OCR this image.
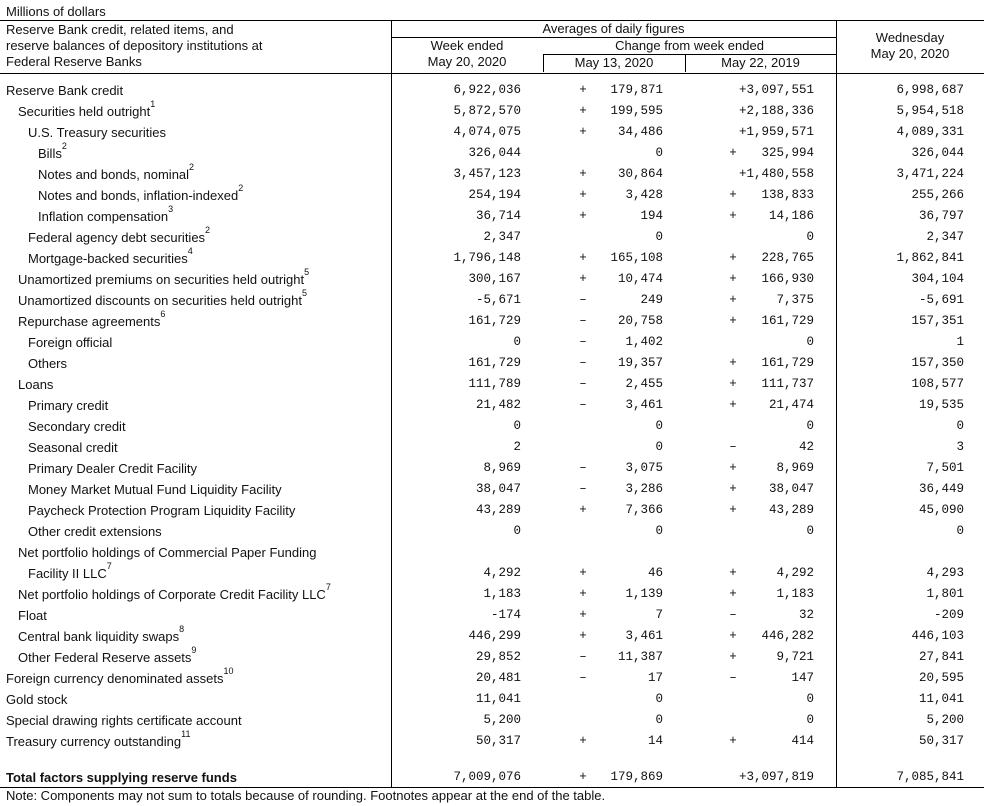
Millions of dollars
Reserve Bank credit, related items, and
reserve balances of depository institutions at
Federal Reserve Banks
Averages of daily figures
Week ended
May 20, 2020
Change from week ended
May 13, 2020	May 22, 2019
Wednesday
May 20, 2020
Reserve Bank credit	6,922,036	+	179,871	+3,097,551	6,998,687
Securities held outright$^1$	5,872,570	+	199,595	+2,188,336	5,954,518
U.S. Treasury securities	4,074,075	+	34,486	+1,959,571	4,089,331
Bills$^2$	326,044	0	+	325,994	326,044
Notes and bonds, nominal$^2$	3,457,123	+	30,864	+1,480,558	3,471,224
Notes and bonds, inflation-indexed$^2$	254,194	+	3,428	+	138,833	255,266
Inflation compensation$^3$	36,714	+	194	+	14,186	36,797
Federal agency debt securities$^2$	2,347	0	0	2,347
Mortgage-backed securities$^4$	1,796,148	+	165,108	+	228,765	1,862,841
Unamortized premiums on securities held outright$^5$	300,167	+	10,474	+	166,930	304,104
Unamortized discounts on securities held outright$^5$	-5,671	–	249	+	7,375	-5,691
Repurchase agreements$^6$	161,729	–	20,758	+	161,729	157,351
Foreign official	0	–	1,402	0	1
Others	161,729	–	19,357	+	161,729	157,350
Loans	111,789	–	2,455	+	111,737	108,577
Primary credit	21,482	–	3,461	+	21,474	19,535
Secondary credit	0	0	0	0
Seasonal credit	2	0	–	42	3
Primary Dealer Credit Facility	8,969	–	3,075	+	8,969	7,501
Money Market Mutual Fund Liquidity Facility	38,047	–	3,286	+	38,047	36,449
Paycheck Protection Program Liquidity Facility	43,289	+	7,366	+	43,289	45,090
Other credit extensions	0	0	0	0
Net portfolio holdings of Commercial Paper Funding
Facility II LLC$^7$	4,292	+	46	+	4,292	4,293
Net portfolio holdings of Corporate Credit Facility LLC$^7$	1,183	+	1,139	+	1,183	1,801
Float	-174	+	7	–	32	-209
Central bank liquidity swaps$^8$	446,299	+	3,461	+	446,282	446,103
Other Federal Reserve assets$^9$	29,852	–	11,387	+	9,721	27,841
Foreign currency denominated assets$^{10}$	20,481	–	17	–	147	20,595
Gold stock	11,041	0	0	11,041
Special drawing rights certificate account	5,200	0	0	5,200
Treasury currency outstanding$^{11}$	50,317	+	14	+	414	50,317
Total factors supplying reserve funds	7,009,076	+	179,869	+3,097,819	7,085,841
Note: Components may not sum to totals because of rounding. Footnotes appear at the end of the table.
